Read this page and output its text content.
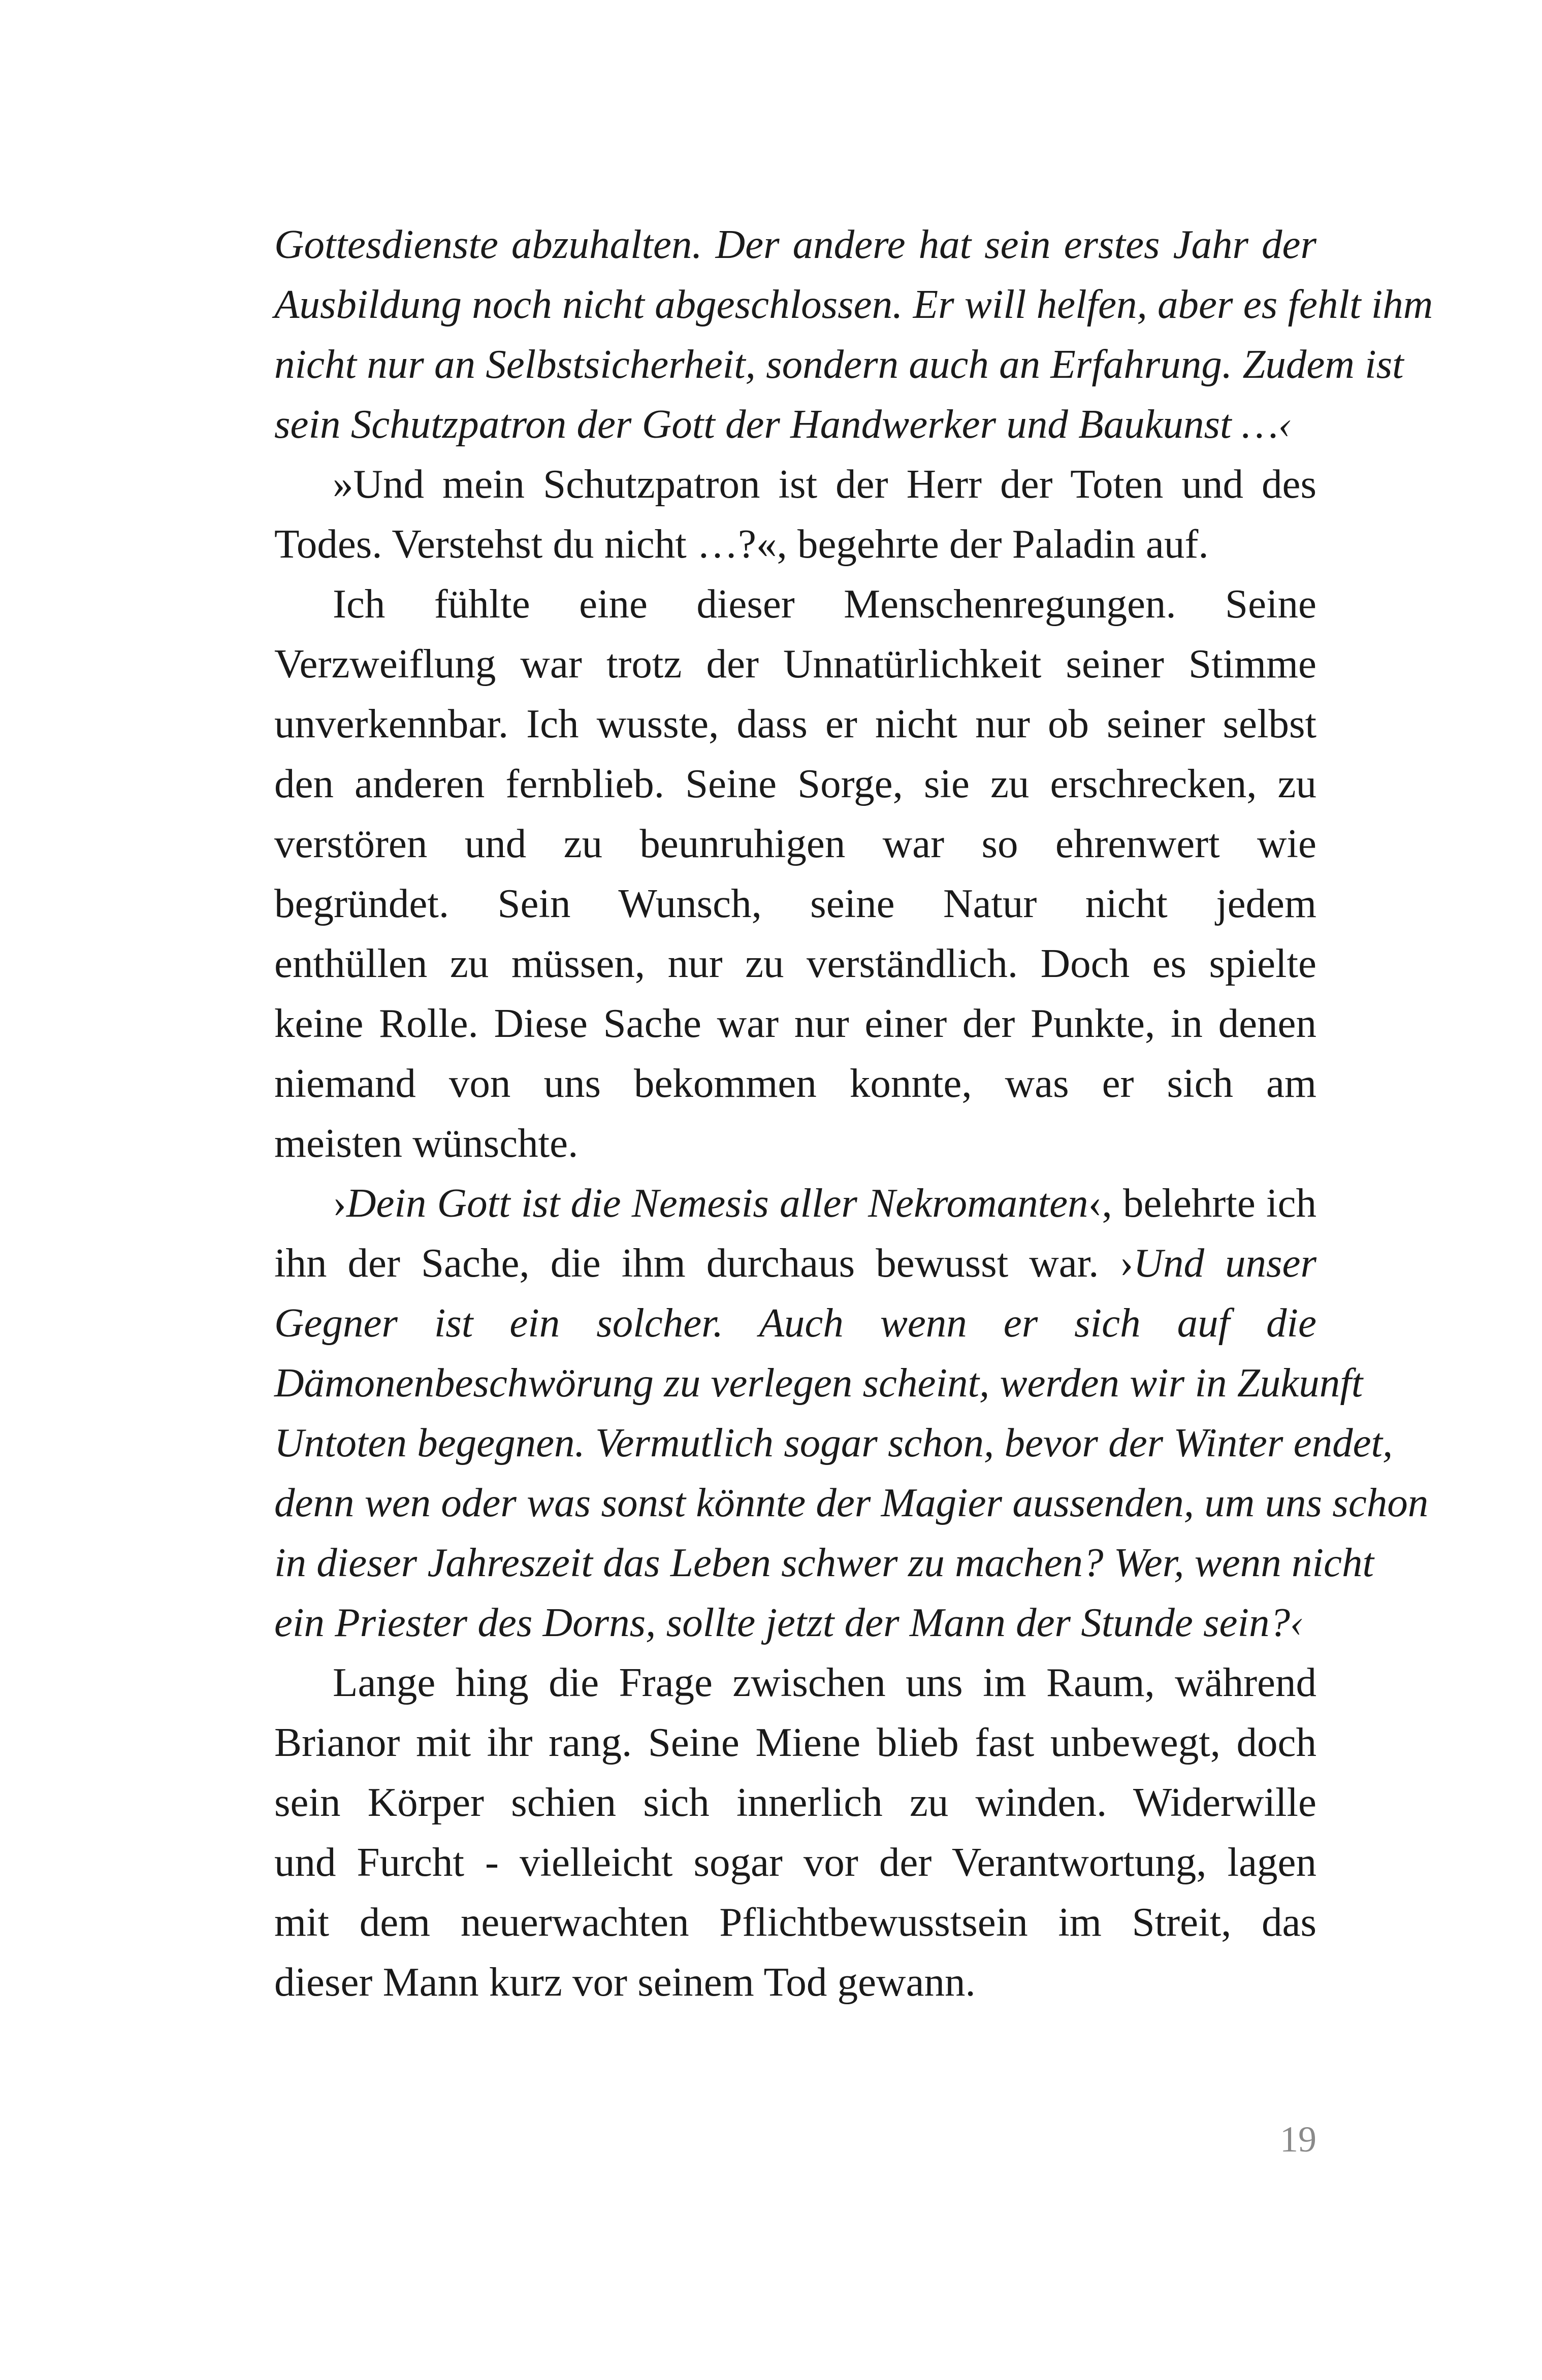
Gottesdienste abzuhalten. Der andere hat sein erstes Jahr der
Ausbildung noch nicht abgeschlossen. Er will helfen, aber es fehlt ihm
nicht nur an Selbstsicherheit, sondern auch an Erfahrung. Zudem ist
sein Schutzpatron der Gott der Handwerker und Baukunst …‹
»Und mein Schutzpatron ist der Herr der Toten und des
Todes. Verstehst du nicht …?«, begehrte der Paladin auf.
Ich fühlte eine dieser Menschenregungen. Seine
Verzweiflung war trotz der Unnatürlichkeit seiner Stimme
unverkennbar. Ich wusste, dass er nicht nur ob seiner selbst
den anderen fernblieb. Seine Sorge, sie zu erschrecken, zu
verstören und zu beunruhigen war so ehrenwert wie
begründet. Sein Wunsch, seine Natur nicht jedem
enthüllen zu müssen, nur zu verständlich. Doch es spielte
keine Rolle. Diese Sache war nur einer der Punkte, in denen
niemand von uns bekommen konnte, was er sich am
meisten wünschte.
›Dein Gott ist die Nemesis aller Nekromanten‹, belehrte ich
ihn der Sache, die ihm durchaus bewusst war. ›Und unser
Gegner ist ein solcher. Auch wenn er sich auf die
Dämonenbeschwörung zu verlegen scheint, werden wir in Zukunft
Untoten begegnen. Vermutlich sogar schon, bevor der Winter endet,
denn wen oder was sonst könnte der Magier aussenden, um uns schon
in dieser Jahreszeit das Leben schwer zu machen? Wer, wenn nicht
ein Priester des Dorns, sollte jetzt der Mann der Stunde sein?‹
Lange hing die Frage zwischen uns im Raum, während
Brianor mit ihr rang. Seine Miene blieb fast unbewegt, doch
sein Körper schien sich innerlich zu winden. Widerwille
und Furcht - vielleicht sogar vor der Verantwortung, lagen
mit dem neuerwachten Pflichtbewusstsein im Streit, das
dieser Mann kurz vor seinem Tod gewann.
19
